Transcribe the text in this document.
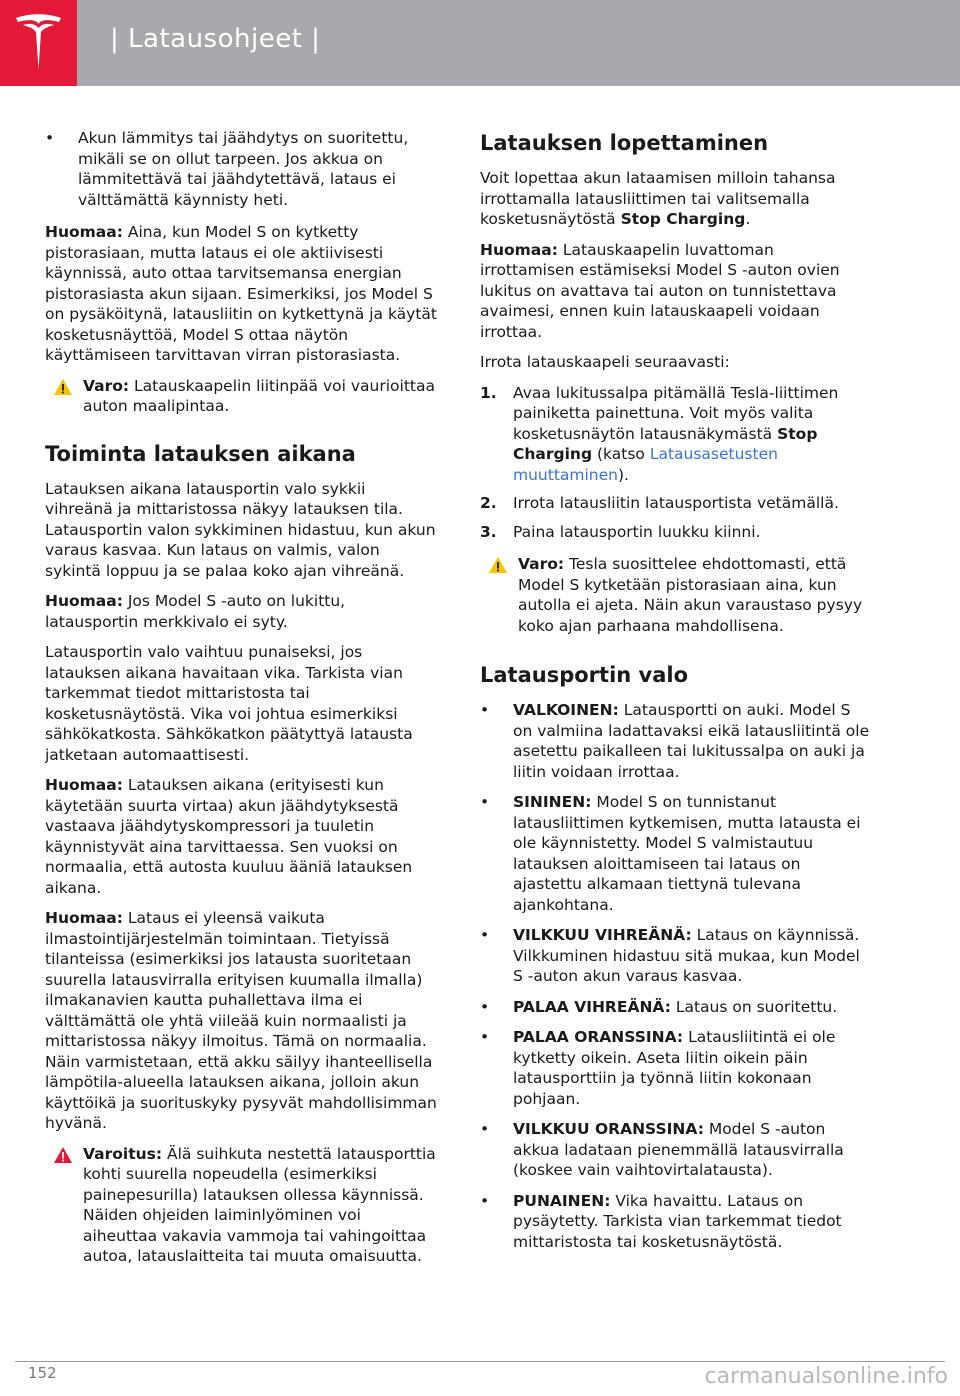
| Latausohjeet |
• Akun lämmitys tai jäähdytys on suoritettu, mikäli se on ollut tarpeen. Jos akkua on lämmitettävä tai jäähdytettävä, lataus ei välttämättä käynnisty heti.

Huomaa: Aina, kun Model S on kytketty pistorasiaan, mutta lataus ei ole aktiivisesti käynnissä, auto ottaa tarvitsemansa energian pistorasiasta akun sijaan. Esimerkiksi, jos Model S on pysäköitynä, latausliitin on kytkettynä ja käytät kosketusnäyttöä, Model S ottaa näytön käyttämiseen tarvittavan virran pistorasiasta.

Varo: Latauskaapelin liitinpää voi vaurioittaa auton maalipintaa.
Toiminta latauksen aikana

Latauksen aikana latausportin valo sykkii vihreänä ja mittaristossa näkyy latauksen tila. Latausportin valon sykkiminen hidastuu, kun akun varaus kasvaa. Kun lataus on valmis, valon sykintä loppuu ja se palaa koko ajan vihreänä.

Huomaa: Jos Model S -auto on lukittu, latausportin merkkivalo ei syty.

Latausportin valo vaihtuu punaiseksi, jos latauksen aikana havaitaan vika. Tarkista vian tarkemmat tiedot mittaristosta tai kosketusnäytöstä. Vika voi johtua esimerkiksi sähkökatkosta. Sähkökatkon päätyttyä latausta jatketaan automaattisesti.

Huomaa: Latauksen aikana (erityisesti kun käytetään suurta virtaa) akun jäähdytyksestä vastaava jäähdytyskompressori ja tuuletin käynnistyvät aina tarvittaessa. Sen vuoksi on normaalia, että autosta kuuluu ääniä latauksen aikana.

Huomaa: Lataus ei yleensä vaikuta ilmastointijärjestelmän toimintaan. Tietyissä tilanteissa (esimerkiksi jos latausta suoritetaan suurella latausvirralla erityisen kuumalla ilmalla) ilmakanavien kautta puhallettava ilma ei välttämättä ole yhtä viileää kuin normaalisti ja mittaristossa näkyy ilmoitus. Tämä on normaalia. Näin varmistetaan, että akku säilyy ihanteellisella lämpötila-alueella latauksen aikana, jolloin akun käyttöikä ja suorituskyky pysyvät mahdollisimman hyvänä.

Varoitus: Älä suihkuta nestettä latausporttia kohti suurella nopeudella (esimerkiksi painepesurilla) latauksen ollessa käynnissä. Näiden ohjeiden laiminlyöminen voi aiheuttaa vakavia vammoja tai vahingoittaa autoa, latauslaitteita tai muuta omaisuutta.
Latauksen lopettaminen

Voit lopettaa akun lataamisen milloin tahansa irrottamalla latausliittimen tai valitsemalla kosketusnäytöstä Stop Charging.

Huomaa: Latauskaapelin luvattoman irrottamisen estämiseksi Model S -auton ovien lukitus on avattava tai auton on tunnistettava avaimesi, ennen kuin latauskaapeli voidaan irrottaa.

Irrota latauskaapeli seuraavasti:

1. Avaa lukitussalpa pitämällä Tesla-liittimen painiketta painettuna. Voit myös valita kosketusnäytön latausnäkymästä Stop Charging (katso Latausasetusten muuttaminen).
2. Irrota latausliitin latausportista vetämällä.
3. Paina latausportin luukku kiinni.
Varo: Tesla suosittelee ehdottomasti, että Model S kytketään pistorasiaan aina, kun autolla ei ajeta. Näin akun varaustaso pysyy koko ajan parhaana mahdollisena.
Latausportin valo
• VALKOINEN: Latausportti on auki. Model S on valmiina ladattavaksi eikä latausliitintä ole asetettu paikalleen tai lukitussalpa on auki ja liitin voidaan irrottaa.
• SININEN: Model S on tunnistanut latausliittimen kytkemisen, mutta latausta ei ole käynnistetty. Model S valmistautuu latauksen aloittamiseen tai lataus on ajastettu alkamaan tiettynä tulevana ajankohtana.
• VILKKUU VIHREÄNÄ: Lataus on käynnissä. Vilkkuminen hidastuu sitä mukaa, kun Model S -auton akun varaus kasvaa.
• PALAA VIHREÄNÄ: Lataus on suoritettu.
• PALAA ORANSSINA: Latausliitintä ei ole kytketty oikein. Aseta liitin oikein päin latausporttiin ja työnnä liitin kokonaan pohjaan.
• VILKKUU ORANSSINA: Model S -auton akkua ladataan pienemmällä latausvirralla (koskee vain vaihtovirtalatausta).
• PUNAINEN: Vika havaittu. Lataus on pysäytetty. Tarkista vian tarkemmat tiedot mittaristosta tai kosketusnäytöstä.
152	carmanualsonline.info
